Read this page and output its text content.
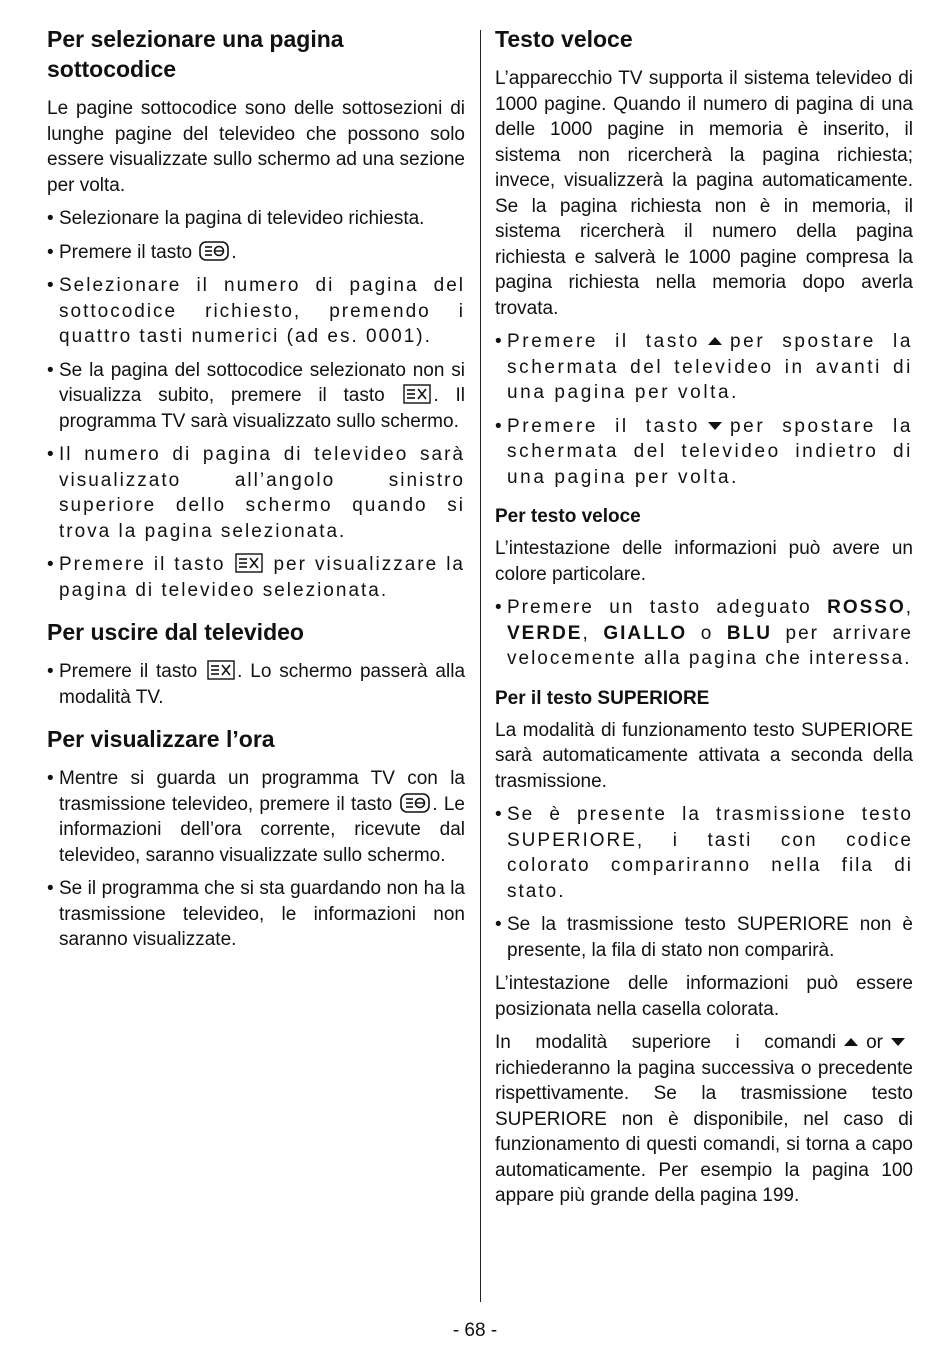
Per selezionare una pagina
sottocodice

Le pagine sottocodice sono delle sottosezioni di lunghe pagine del televideo che possono solo essere visualizzate sullo schermo ad una sezione per volta.

• Selezionare la pagina di televideo richiesta.
• Premere il tasto .
• Selezionare il numero di pagina del sottocodice richiesto, premendo i quattro tasti numerici (ad es. 0001).
• Se la pagina del sottocodice selezionato non si visualizza subito, premere il tasto	. Il programma TV sarà visualizzato sullo schermo.
• Il numero di pagina di televideo sarà visualizzato all’angolo sinistro superiore dello schermo quando si trova la pagina selezionata.
• Premere il tasto	per visualizzare la pagina di televideo selezionata.
Per uscire dal televideo
• Premere il tasto . Lo schermo passerà alla modalità TV.
Per visualizzare l’ora
• Mentre si guarda un programma TV con la trasmissione televideo, premere il tasto . Le informazioni dell’ora corrente, ricevute dal televideo, saranno visualizzate sullo schermo.
• Se il programma che si sta guardando non ha la trasmissione televideo, le informazioni non saranno visualizzate.
Testo veloce

L’apparecchio TV supporta il sistema televideo di 1000 pagine. Quando il numero di pagina di una delle 1000 pagine in memoria è inserito, il sistema non ricercherà la pagina richiesta; invece, visualizzerà la pagina automaticamente. Se la pagina richiesta non è in memoria, il sistema ricercherà il numero della pagina richiesta e salverà le 1000 pagine compresa la pagina richiesta nella memoria dopo averla trovata.

• Premere il tasto per spostare la schermata del televideo in avanti di una pagina per volta.
• Premere il tasto per spostare la schermata del televideo indietro di una pagina per volta.
Per testo veloce

L’intestazione delle informazioni può avere un colore particolare.

• Premere un tasto adeguato ROSSO, VERDE, GIALLO o BLU per arrivare velocemente alla pagina che interessa.
Per il testo SUPERIORE

La modalità di funzionamento testo SUPERIORE sarà automaticamente attivata a seconda della trasmissione.

• Se è presente la trasmissione testo SUPERIORE, i tasti con codice colorato compariranno nella fila di stato.
• Se la trasmissione testo SUPERIORE non è presente, la fila di stato non comparirà.

L’intestazione delle informazioni può essere posizionata nella casella colorata.

In modalità superiore i comandi orrichiederanno la pagina successiva o precedente rispettivamente. Se la trasmissione testo SUPERIORE non è disponibile, nel caso di funzionamento di questi comandi, si torna a capo automaticamente. Per esempio la pagina 100 appare più grande della pagina 199.

- 68 -
